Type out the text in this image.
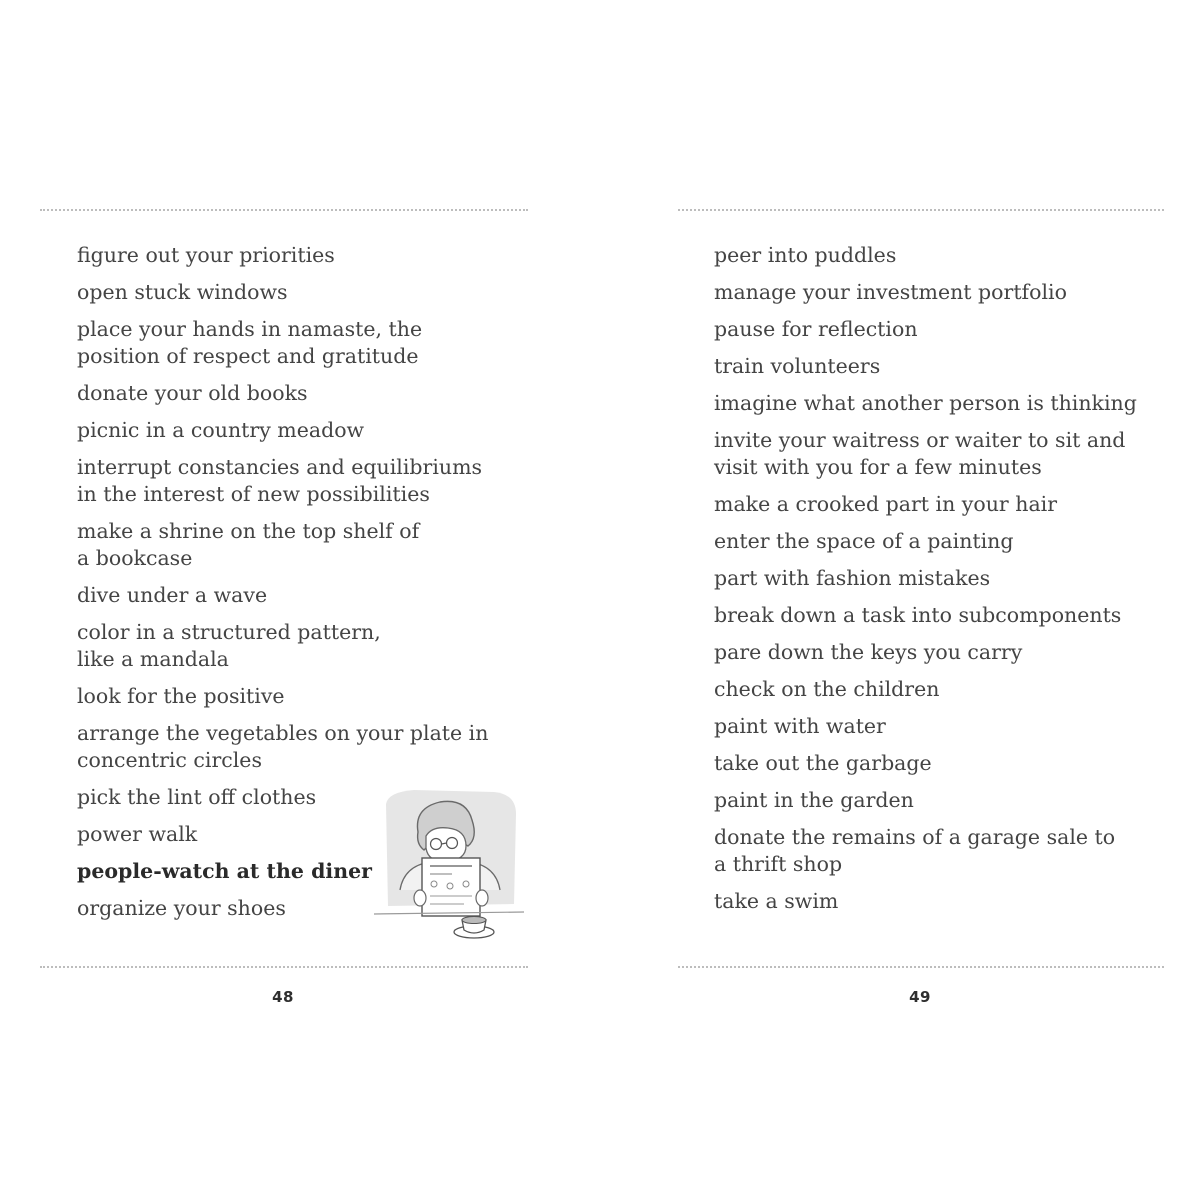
figure out your priorities
open stuck windows
place your hands in namaste, the
position of respect and gratitude
donate your old books
picnic in a country meadow
interrupt constancies and equilibriums
in the interest of new possibilities
make a shrine on the top shelf of
a bookcase
dive under a wave
color in a structured pattern,
like a mandala
look for the positive
arrange the vegetables on your plate in
concentric circles
pick the lint off clothes
power walk
people-watch at the diner
organize your shoes
48
peer into puddles
manage your investment portfolio
pause for reflection
train volunteers
imagine what another person is thinking
invite your waitress or waiter to sit and
visit with you for a few minutes
make a crooked part in your hair
enter the space of a painting
part with fashion mistakes
break down a task into subcomponents
pare down the keys you carry
check on the children
paint with water
take out the garbage
paint in the garden
donate the remains of a garage sale to
a thrift shop
take a swim
49
